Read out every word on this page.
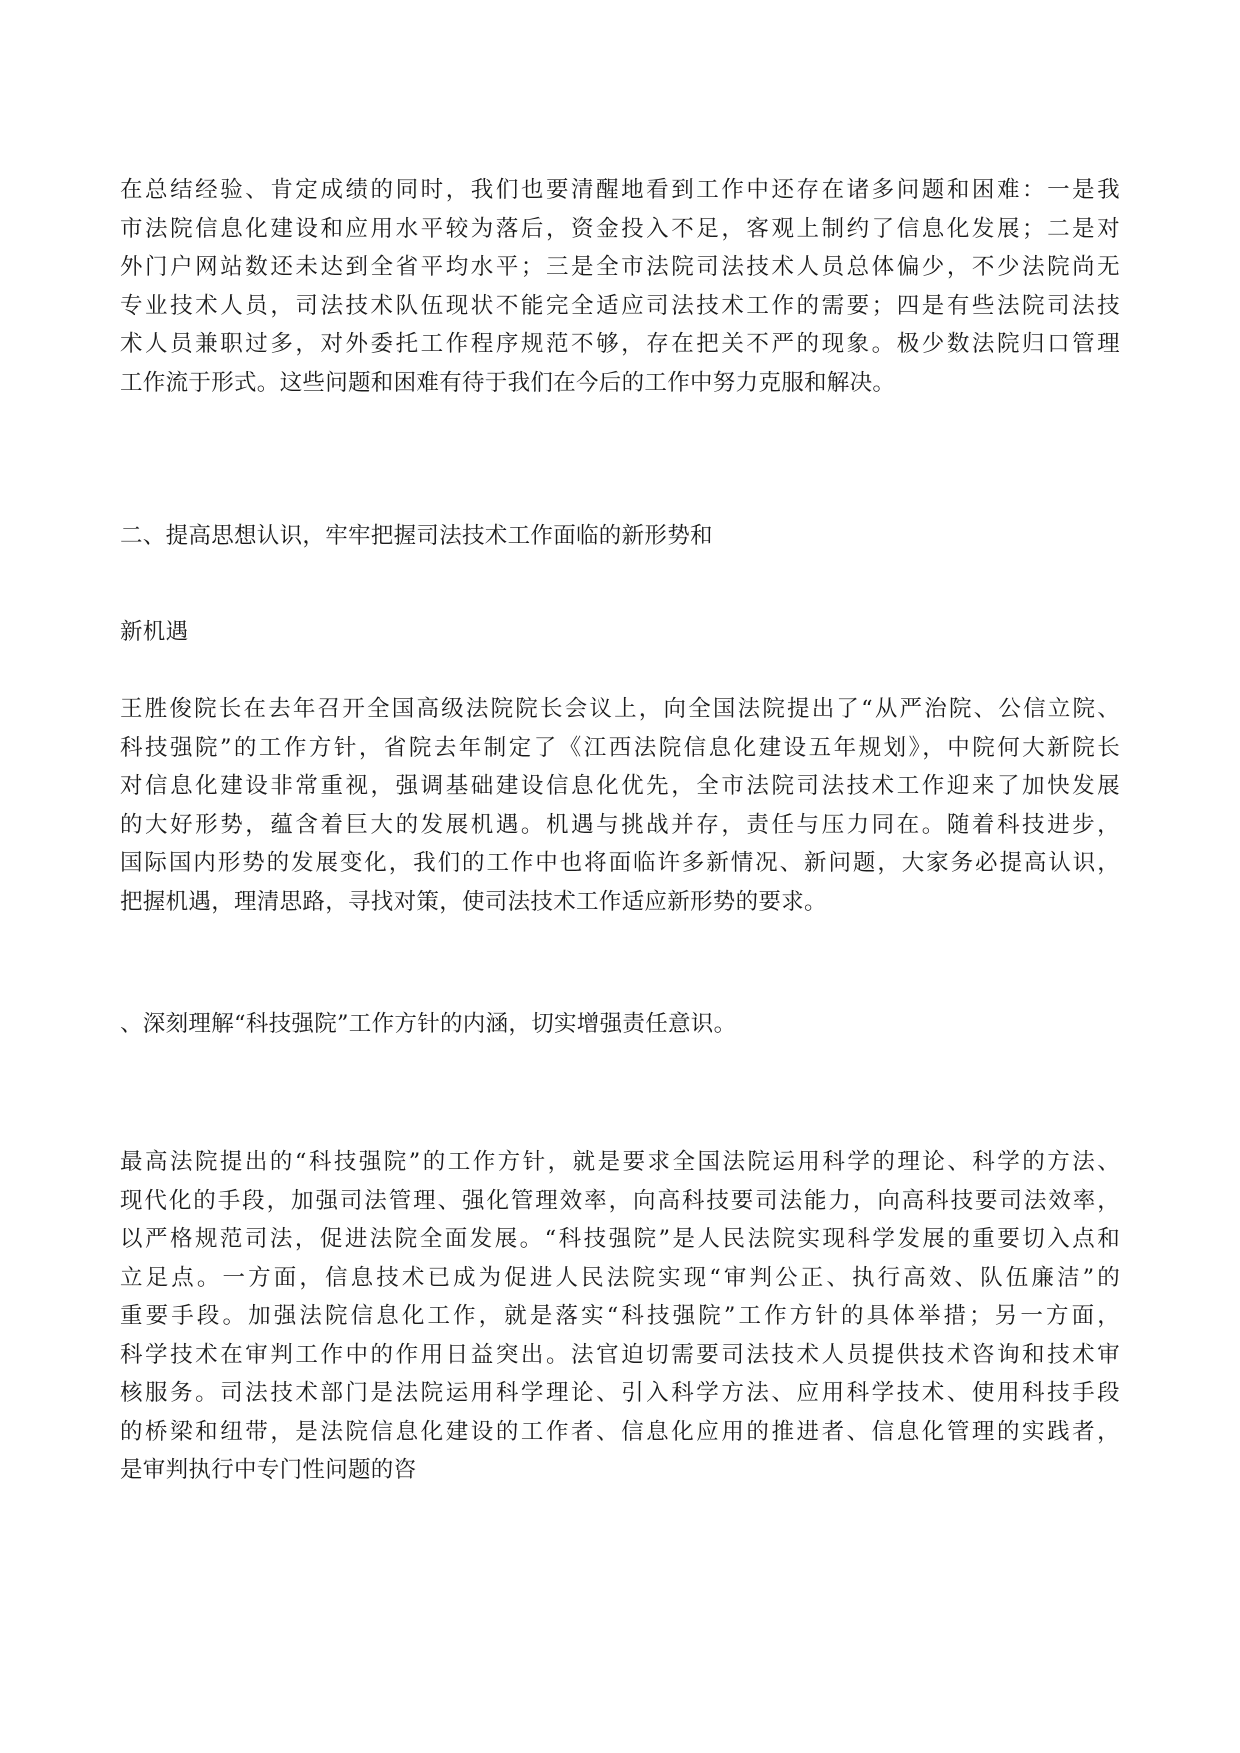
在总结经验、肯定成绩的同时，我们也要清醒地看到工作中还存在诸多问题和困难：一是我
市法院信息化建设和应用水平较为落后，资金投入不足，客观上制约了信息化发展；二是对
外门户网站数还未达到全省平均水平；三是全市法院司法技术人员总体偏少，不少法院尚无
专业技术人员，司法技术队伍现状不能完全适应司法技术工作的需要；四是有些法院司法技
术人员兼职过多，对外委托工作程序规范不够，存在把关不严的现象。极少数法院归口管理
工作流于形式。这些问题和困难有待于我们在今后的工作中努力克服和解决。
二、提高思想认识，牢牢把握司法技术工作面临的新形势和
新机遇
王胜俊院长在去年召开全国高级法院院长会议上，向全国法院提出了“从严治院、公信立院、
科技强院”的工作方针，省院去年制定了《江西法院信息化建设五年规划》，中院何大新院长
对信息化建设非常重视，强调基础建设信息化优先，全市法院司法技术工作迎来了加快发展
的大好形势，蕴含着巨大的发展机遇。机遇与挑战并存，责任与压力同在。随着科技进步，
国际国内形势的发展变化，我们的工作中也将面临许多新情况、新问题，大家务必提高认识，
把握机遇，理清思路，寻找对策，使司法技术工作适应新形势的要求。
、深刻理解“科技强院”工作方针的内涵，切实增强责任意识。
最高法院提出的“科技强院”的工作方针，就是要求全国法院运用科学的理论、科学的方法、
现代化的手段，加强司法管理、强化管理效率，向高科技要司法能力，向高科技要司法效率，
以严格规范司法，促进法院全面发展。“科技强院”是人民法院实现科学发展的重要切入点和
立足点。一方面，信息技术已成为促进人民法院实现“审判公正、执行高效、队伍廉洁”的
重要手段。加强法院信息化工作，就是落实“科技强院”工作方针的具体举措；另一方面，
科学技术在审判工作中的作用日益突出。法官迫切需要司法技术人员提供技术咨询和技术审
核服务。司法技术部门是法院运用科学理论、引入科学方法、应用科学技术、使用科技手段
的桥梁和纽带，是法院信息化建设的工作者、信息化应用的推进者、信息化管理的实践者，
是审判执行中专门性问题的咨
